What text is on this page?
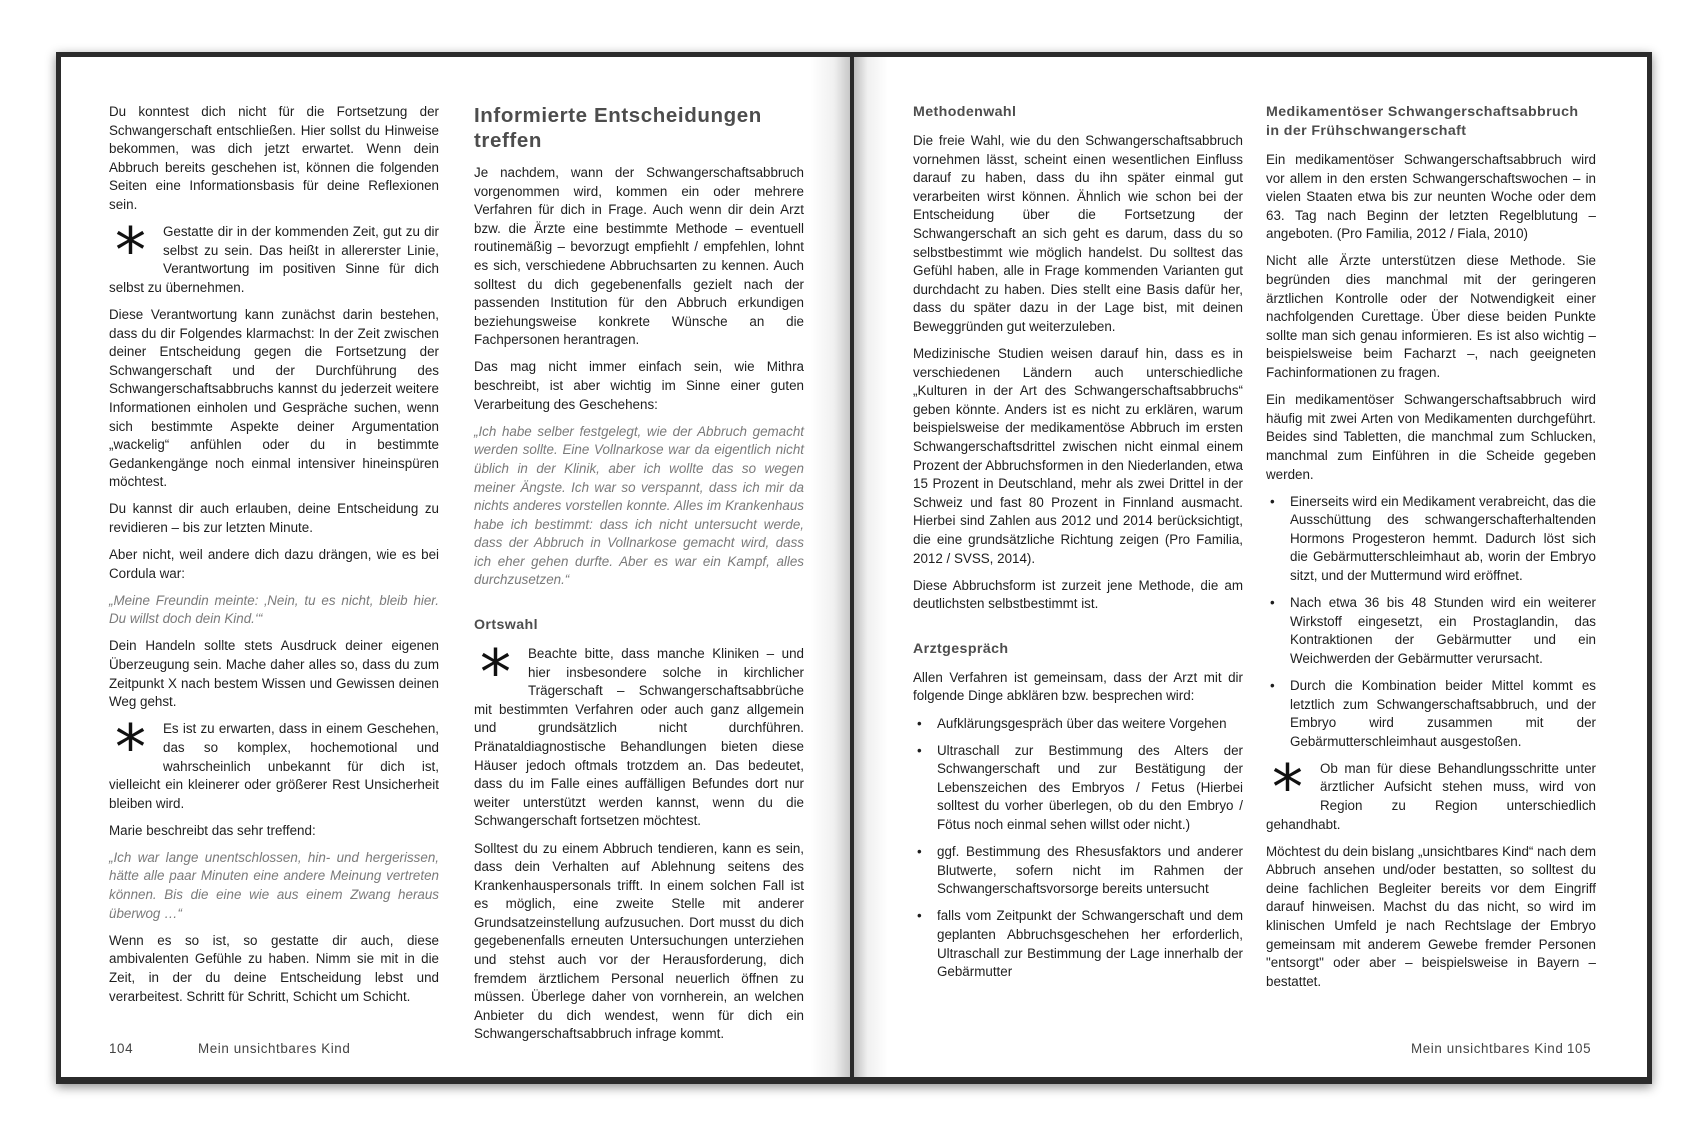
Du konntest dich nicht für die Fortsetzung der Schwangerschaft entschließen. Hier sollst du Hinweise bekommen, was dich jetzt erwartet. Wenn dein Abbruch bereits geschehen ist, können die folgenden Seiten eine Informationsbasis für deine Reflexionen sein.

* Gestatte dir in der kommenden Zeit, gut zu dir selbst zu sein. Das heißt in allererster Linie, Verantwortung im positiven Sinne für dich selbst zu übernehmen.

Diese Verantwortung kann zunächst darin bestehen, dass du dir Folgendes klarmachst: In der Zeit zwischen deiner Entscheidung gegen die Fortsetzung der Schwangerschaft und der Durchführung des Schwangerschaftsabbruchs kannst du jederzeit weitere Informationen einholen und Gespräche suchen, wenn sich bestimmte Aspekte deiner Argumentation „wackelig“ anfühlen oder du in bestimmte Gedankengänge noch einmal intensiver hineinspüren möchtest.

Du kannst dir auch erlauben, deine Entscheidung zu revidieren – bis zur letzten Minute.

Aber nicht, weil andere dich dazu drängen, wie es bei Cordula war:

„Meine Freundin meinte: ‚Nein, tu es nicht, bleib hier. Du willst doch dein Kind.‘“

Dein Handeln sollte stets Ausdruck deiner eigenen Überzeugung sein. Mache daher alles so, dass du zum Zeitpunkt X nach bestem Wissen und Gewissen deinen Weg gehst.

* Es ist zu erwarten, dass in einem Geschehen, das so komplex, hochemotional und wahrscheinlich unbekannt für dich ist, vielleicht ein kleinerer oder größerer Rest Unsicherheit bleiben wird.

Marie beschreibt das sehr treffend:

„Ich war lange unentschlossen, hin- und hergerissen, hätte alle paar Minuten eine andere Meinung vertreten können. Bis die eine wie aus einem Zwang heraus überwog …“

Wenn es so ist, so gestatte dir auch, diese ambivalenten Gefühle zu haben. Nimm sie mit in die Zeit, in der du deine Entscheidung lebst und verarbeitest. Schritt für Schritt, Schicht um Schicht.

Informierte Entscheidungen treffen

Je nachdem, wann der Schwangerschaftsabbruch vorgenommen wird, kommen ein oder mehrere Verfahren für dich in Frage. Auch wenn dir dein Arzt bzw. die Ärzte eine bestimmte Methode – eventuell routinemäßig – bevorzugt empfiehlt / empfehlen, lohnt es sich, verschiedene Abbruchsarten zu kennen. Auch solltest du dich gegebenenfalls gezielt nach der passenden Institution für den Abbruch erkundigen beziehungsweise konkrete Wünsche an die Fachpersonen herantragen.

Das mag nicht immer einfach sein, wie Mithra beschreibt, ist aber wichtig im Sinne einer guten Verarbeitung des Geschehens:

„Ich habe selber festgelegt, wie der Abbruch gemacht werden sollte. Eine Vollnarkose war da eigentlich nicht üblich in der Klinik, aber ich wollte das so wegen meiner Ängste. Ich war so verspannt, dass ich mir da nichts anderes vorstellen konnte. Alles im Krankenhaus habe ich bestimmt: dass ich nicht untersucht werde, dass der Abbruch in Vollnarkose gemacht wird, dass ich eher gehen durfte. Aber es war ein Kampf, alles durchzusetzen.“

Ortswahl
* Beachte bitte, dass manche Kliniken – und hier insbesondere solche in kirchlicher Trägerschaft – Schwangerschaftsabbrüche mit bestimmten Verfahren oder auch ganz allgemein und grundsätzlich nicht durchführen. Pränataldiagnostische Behandlungen bieten diese Häuser jedoch oftmals trotzdem an. Das bedeutet, dass du im Falle eines auffälligen Befundes dort nur weiter unterstützt werden kannst, wenn du die Schwangerschaft fortsetzen möchtest.

Solltest du zu einem Abbruch tendieren, kann es sein, dass dein Verhalten auf Ablehnung seitens des Krankenhauspersonals trifft. In einem solchen Fall ist es möglich, eine zweite Stelle mit anderer Grundsatzeinstellung aufzusuchen. Dort musst du dich gegebenenfalls erneuten Untersuchungen unterziehen und stehst auch vor der Herausforderung, dich fremdem ärztlichem Personal neuerlich öffnen zu müssen. Überlege daher von vornherein, an welchen Anbieter du dich wendest, wenn für dich ein Schwangerschaftsabbruch infrage kommt.

104	Mein unsichtbares Kind
Methodenwahl

Die freie Wahl, wie du den Schwangerschaftsabbruch vornehmen lässt, scheint einen wesentlichen Einfluss darauf zu haben, dass du ihn später einmal gut verarbeiten wirst können. Ähnlich wie schon bei der Entscheidung über die Fortsetzung der Schwangerschaft an sich geht es darum, dass du so selbstbestimmt wie möglich handelst. Du solltest das Gefühl haben, alle in Frage kommenden Varianten gut durchdacht zu haben. Dies stellt eine Basis dafür her, dass du später dazu in der Lage bist, mit deinen Beweggründen gut weiterzuleben.

Medizinische Studien weisen darauf hin, dass es in verschiedenen Ländern auch unterschiedliche „Kulturen in der Art des Schwangerschaftsabbruchs“ geben könnte. Anders ist es nicht zu erklären, warum beispielsweise der medikamentöse Abbruch im ersten Schwangerschaftsdrittel zwischen nicht einmal einem Prozent der Abbruchsformen in den Niederlanden, etwa 15 Prozent in Deutschland, mehr als zwei Drittel in der Schweiz und fast 80 Prozent in Finnland ausmacht. Hierbei sind Zahlen aus 2012 und 2014 berücksichtigt, die eine grundsätzliche Richtung zeigen (Pro Familia, 2012 / SVSS, 2014).

Diese Abbruchsform ist zurzeit jene Methode, die am deutlichsten selbstbestimmt ist.

Arztgespräch

Allen Verfahren ist gemeinsam, dass der Arzt mit dir folgende Dinge abklären bzw. besprechen wird:

• Aufklärungsgespräch über das weitere Vorgehen
• Ultraschall zur Bestimmung des Alters der Schwangerschaft und zur Bestätigung der Lebenszeichen des Embryos / Fetus (Hierbei solltest du vorher überlegen, ob du den Embryo / Fötus noch einmal sehen willst oder nicht.)
• ggf. Bestimmung des Rhesusfaktors und anderer Blutwerte, sofern nicht im Rahmen der Schwangerschaftsvorsorge bereits untersucht
• falls vom Zeitpunkt der Schwangerschaft und dem geplanten Abbruchsgeschehen her erforderlich, Ultraschall zur Bestimmung der Lage innerhalb der Gebärmutter
Medikamentöser Schwangerschaftsabbruch in der Frühschwangerschaft

Ein medikamentöser Schwangerschaftsabbruch wird vor allem in den ersten Schwangerschaftswochen – in vielen Staaten etwa bis zur neunten Woche oder dem 63. Tag nach Beginn der letzten Regelblutung – angeboten. (Pro Familia, 2012 / Fiala, 2010)

Nicht alle Ärzte unterstützen diese Methode. Sie begründen dies manchmal mit der geringeren ärztlichen Kontrolle oder der Notwendigkeit einer nachfolgenden Curettage. Über diese beiden Punkte sollte man sich genau informieren. Es ist also wichtig – beispielsweise beim Facharzt –, nach geeigneten Fachinformationen zu fragen.

Ein medikamentöser Schwangerschaftsabbruch wird häufig mit zwei Arten von Medikamenten durchgeführt. Beides sind Tabletten, die manchmal zum Schlucken, manchmal zum Einführen in die Scheide gegeben werden.

• Einerseits wird ein Medikament verabreicht, das die Ausschüttung des schwangerschafterhaltenden Hormons Progesteron hemmt. Dadurch löst sich die Gebärmutterschleimhaut ab, worin der Embryo sitzt, und der Muttermund wird eröffnet.
• Nach etwa 36 bis 48 Stunden wird ein weiterer Wirkstoff eingesetzt, ein Prostaglandin, das Kontraktionen der Gebärmutter und ein Weichwerden der Gebärmutter verursacht.
• Durch die Kombination beider Mittel kommt es letztlich zum Schwangerschaftsabbruch, und der Embryo wird zusammen mit der Gebärmutterschleimhaut ausgestoßen.
* Ob man für diese Behandlungsschritte unter ärztlicher Aufsicht stehen muss, wird von Region zu Region unterschiedlich gehandhabt.

Möchtest du dein bislang „unsichtbares Kind“ nach dem Abbruch ansehen und/oder bestatten, so solltest du deine fachlichen Begleiter bereits vor dem Eingriff darauf hinweisen. Machst du das nicht, so wird im klinischen Umfeld je nach Rechtslage der Embryo gemeinsam mit anderem Gewebe fremder Personen "entsorgt" oder aber – beispielsweise in Bayern – bestattet.

Mein unsichtbares Kind 105
